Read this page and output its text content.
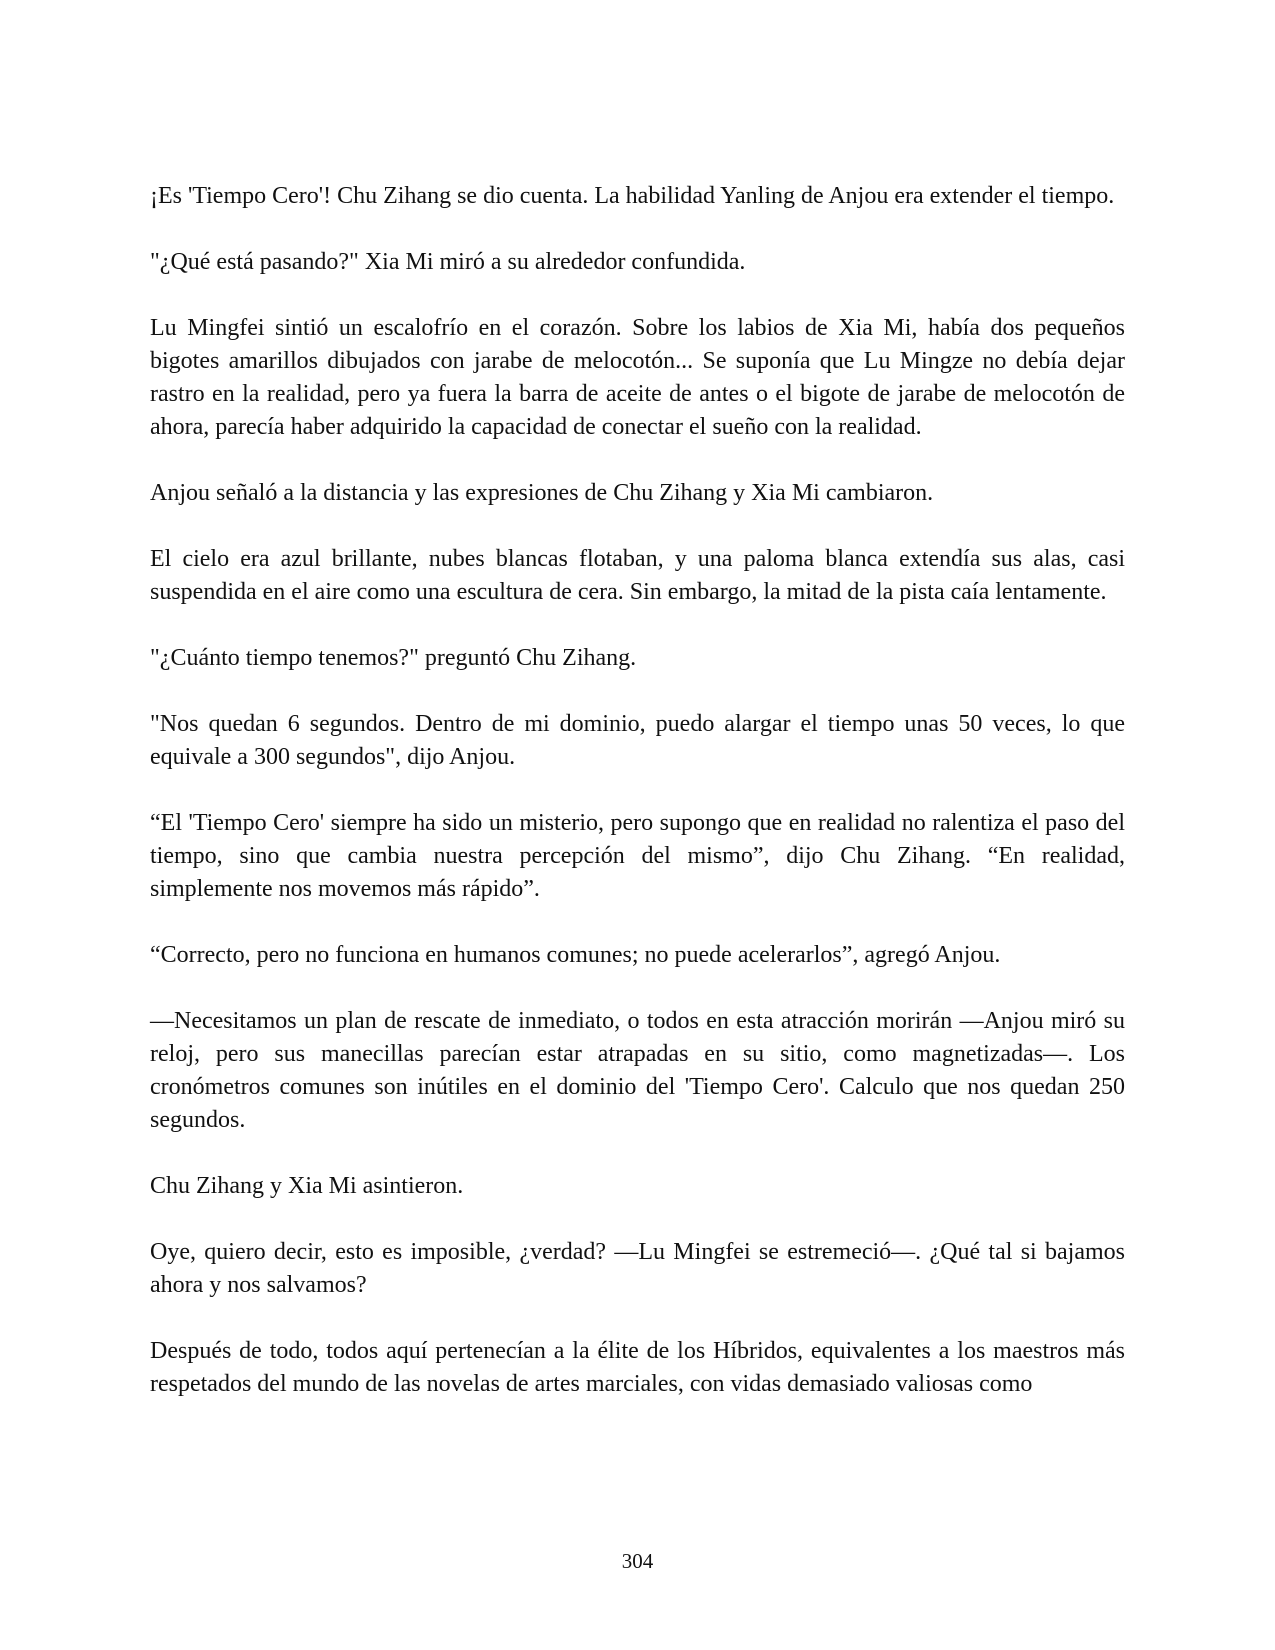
¡Es 'Tiempo Cero'! Chu Zihang se dio cuenta. La habilidad Yanling de Anjou era extender el tiempo.

"¿Qué está pasando?" Xia Mi miró a su alrededor confundida.

Lu Mingfei sintió un escalofrío en el corazón. Sobre los labios de Xia Mi, había dos pequeños bigotes amarillos dibujados con jarabe de melocotón... Se suponía que Lu Mingze no debía dejar rastro en la realidad, pero ya fuera la barra de aceite de antes o el bigote de jarabe de melocotón de ahora, parecía haber adquirido la capacidad de conectar el sueño con la realidad.

Anjou señaló a la distancia y las expresiones de Chu Zihang y Xia Mi cambiaron.

El cielo era azul brillante, nubes blancas flotaban, y una paloma blanca extendía sus alas, casi suspendida en el aire como una escultura de cera. Sin embargo, la mitad de la pista caía lentamente.

"¿Cuánto tiempo tenemos?" preguntó Chu Zihang.

"Nos quedan 6 segundos. Dentro de mi dominio, puedo alargar el tiempo unas 50 veces, lo que equivale a 300 segundos", dijo Anjou.

“El 'Tiempo Cero' siempre ha sido un misterio, pero supongo que en realidad no ralentiza el paso del tiempo, sino que cambia nuestra percepción del mismo”, dijo Chu Zihang. “En realidad, simplemente nos movemos más rápido”.

“Correcto, pero no funciona en humanos comunes; no puede acelerarlos”, agregó Anjou.

—Necesitamos un plan de rescate de inmediato, o todos en esta atracción morirán —Anjou miró su reloj, pero sus manecillas parecían estar atrapadas en su sitio, como magnetizadas—. Los cronómetros comunes son inútiles en el dominio del 'Tiempo Cero'. Calculo que nos quedan 250 segundos.

Chu Zihang y Xia Mi asintieron.

Oye, quiero decir, esto es imposible, ¿verdad? —Lu Mingfei se estremeció—. ¿Qué tal si bajamos ahora y nos salvamos?

Después de todo, todos aquí pertenecían a la élite de los Híbridos, equivalentes a los maestros más respetados del mundo de las novelas de artes marciales, con vidas demasiado valiosas como

304
